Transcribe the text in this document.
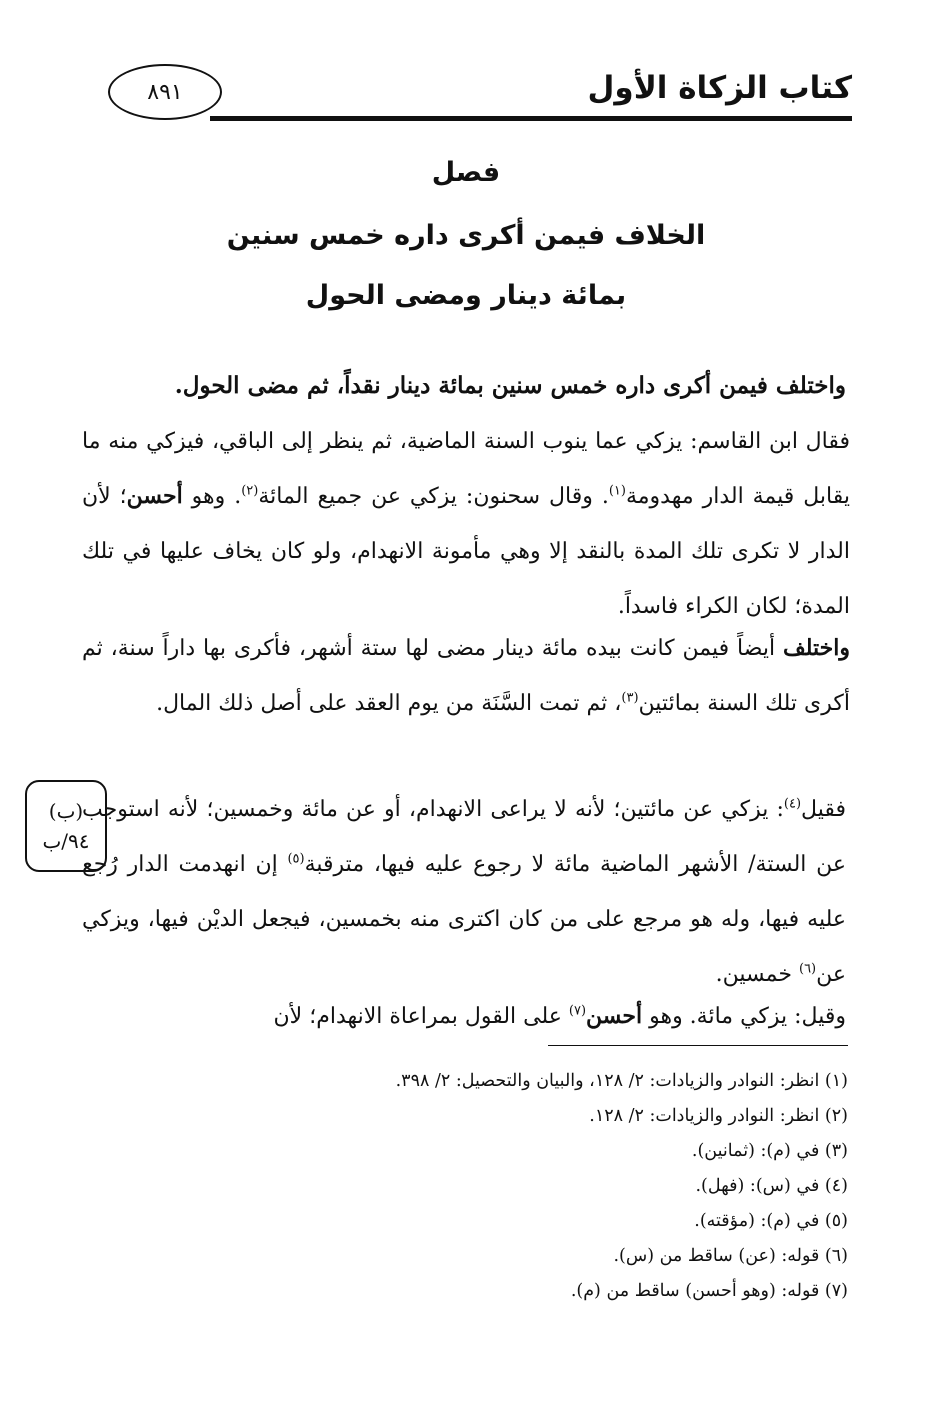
كتاب الزكاة الأول
٨٩١
فصل
الخلاف فيمن أكرى داره خمس سنين
بمائة دينار ومضى الحول

واختلف فيمن أكرى داره خمس سنين بمائة دينار نقداً، ثم مضى الحول.

فقال ابن القاسم: يزكي عما ينوب السنة الماضية، ثم ينظر إلى الباقي، فيزكي منه ما يقابل قيمة الدار مهدومة$^{(١)}$. وقال سحنون: يزكي عن جميع المائة$^{(٢)}$. وهو أحسن؛ لأن الدار لا تكرى تلك المدة بالنقد إلا وهي مأمونة الانهدام، ولو كان يخاف عليها في تلك المدة؛ لكان الكراء فاسداً.

واختلف أيضاً فيمن كانت بيده مائة دينار مضى لها ستة أشهر، فأكرى بها داراً سنة، ثم أكرى تلك السنة بمائتين$^{(٣)}$، ثم تمت السَّنَة من يوم العقد على أصل ذلك المال.

فقيل$^{(٤)}$: يزكي عن مائتين؛ لأنه لا يراعى الانهدام، أو عن مائة وخمسين؛ لأنه استوجب عن الستة/ الأشهر الماضية مائة لا رجوع عليه فيها، مترقبة$^{(٥)}$ إن انهدمت الدار رُجع عليه فيها، وله هو مرجع على من كان اكترى منه بخمسين، فيجعل الديْن فيها، ويزكي عن$^{(٦)}$ خمسين.

وقيل: يزكي مائة. وهو أحسن$^{(٧)}$ على القول بمراعاة الانهدام؛ لأن

(ب)
٩٤/ب
(١) انظر: النوادر والزيادات: ٢/ ١٢٨، والبيان والتحصيل: ٢/ ٣٩٨.
(٢) انظر: النوادر والزيادات: ٢/ ١٢٨.
(٣) في (م): (ثمانين).
(٤) في (س): (فهل).
(٥) في (م): (مؤقته).
(٦) قوله: (عن) ساقط من (س).
(٧) قوله: (وهو أحسن) ساقط من (م).
